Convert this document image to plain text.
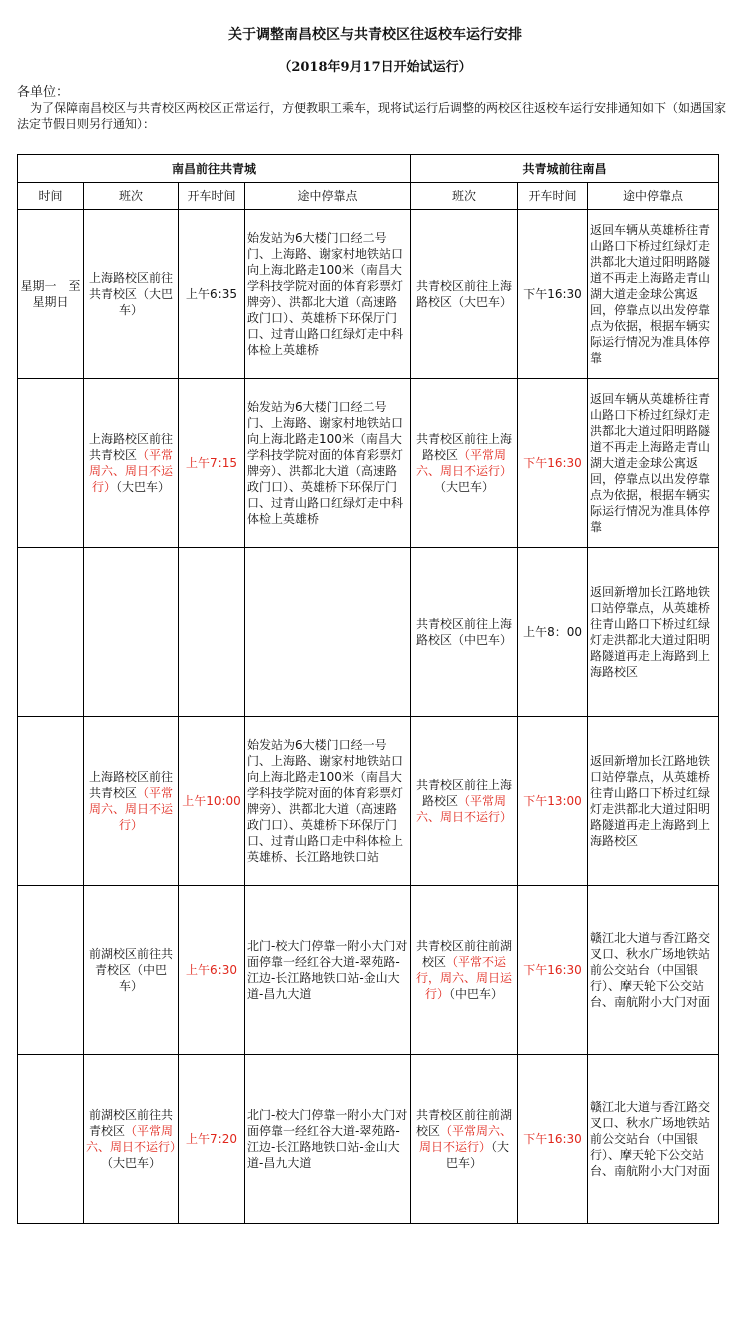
关于调整南昌校区与共青校区往返校车运行安排
（2018年9月17日开始试运行）
各单位：
为了保障南昌校区与共青校区两校区正常运行，方便教职工乘车，现将试运行后调整的两校区往返校车运行安排通知如下（如遇国家法定节假日则另行通知）：
南昌前往共青城				共青城前往南昌		
时间	班次	开车时间	途中停靠点	班次	开车时间	途中停靠点
星期一　至　星期日	上海路校区前往共青校区（大巴车）	上午6:35	始发站为6大楼门口经二号门、上海路、谢家村地铁站口向上海北路走100米（南昌大学科技学院对面的体育彩票灯牌旁）、洪都北大道（高速路政门口）、英雄桥下环保厅门口、过青山路口红绿灯走中科体检上英雄桥	共青校区前往上海路校区（大巴车）	下午16:30	返回车辆从英雄桥往青山路口下桥过红绿灯走洪都北大道过阳明路隧道不再走上海路走青山湖大道走金球公寓返回，停靠点以出发停靠点为依据，根据车辆实际运行情况为准具体停靠
	上海路校区前往共青校区（平常周六、周日不运行）（大巴车）	上午7:15	始发站为6大楼门口经二号门、上海路、谢家村地铁站口向上海北路走100米（南昌大学科技学院对面的体育彩票灯牌旁）、洪都北大道（高速路政门口）、英雄桥下环保厅门口、过青山路口红绿灯走中科体检上英雄桥	共青校区前往上海路校区（平常周六、周日不运行）（大巴车）	下午16:30	返回车辆从英雄桥往青山路口下桥过红绿灯走洪都北大道过阳明路隧道不再走上海路走青山湖大道走金球公寓返回，停靠点以出发停靠点为依据，根据车辆实际运行情况为准具体停靠
				共青校区前往上海路校区（中巴车）	上午8：00	返回新增加长江路地铁口站停靠点，从英雄桥往青山路口下桥过红绿灯走洪都北大道过阳明路隧道再走上海路到上海路校区
	上海路校区前往共青校区（平常周六、周日不运行）	上午10:00	始发站为6大楼门口经一号门、上海路、谢家村地铁站口向上海北路走100米（南昌大学科技学院对面的体育彩票灯牌旁）、洪都北大道（高速路政门口）、英雄桥下环保厅门口、过青山路口走中科体检上英雄桥、长江路地铁口站	共青校区前往上海路校区（平常周六、周日不运行）	下午13:00	返回新增加长江路地铁口站停靠点，从英雄桥往青山路口下桥过红绿灯走洪都北大道过阳明路隧道再走上海路到上海路校区
	前湖校区前往共青校区（中巴车）	上午6:30	北门-校大门停靠一附小大门对面停靠一经红谷大道-翠苑路-江边-长江路地铁口站-金山大道-昌九大道	共青校区前往前湖校区（平常不运行，周六、周日运行）（中巴车）	下午16:30	赣江北大道与香江路交叉口、秋水广场地铁站前公交站台（中国银行）、摩天轮下公交站台、南航附小大门对面
	前湖校区前往共青校区（平常周六、周日不运行）（大巴车）	上午7:20	北门-校大门停靠一附小大门对面停靠一经红谷大道-翠苑路-江边-长江路地铁口站-金山大道-昌九大道	共青校区前往前湖校区（平常周六、周日不运行）（大巴车）	下午16:30	赣江北大道与香江路交叉口、秋水广场地铁站前公交站台（中国银行）、摩天轮下公交站台、南航附小大门对面
